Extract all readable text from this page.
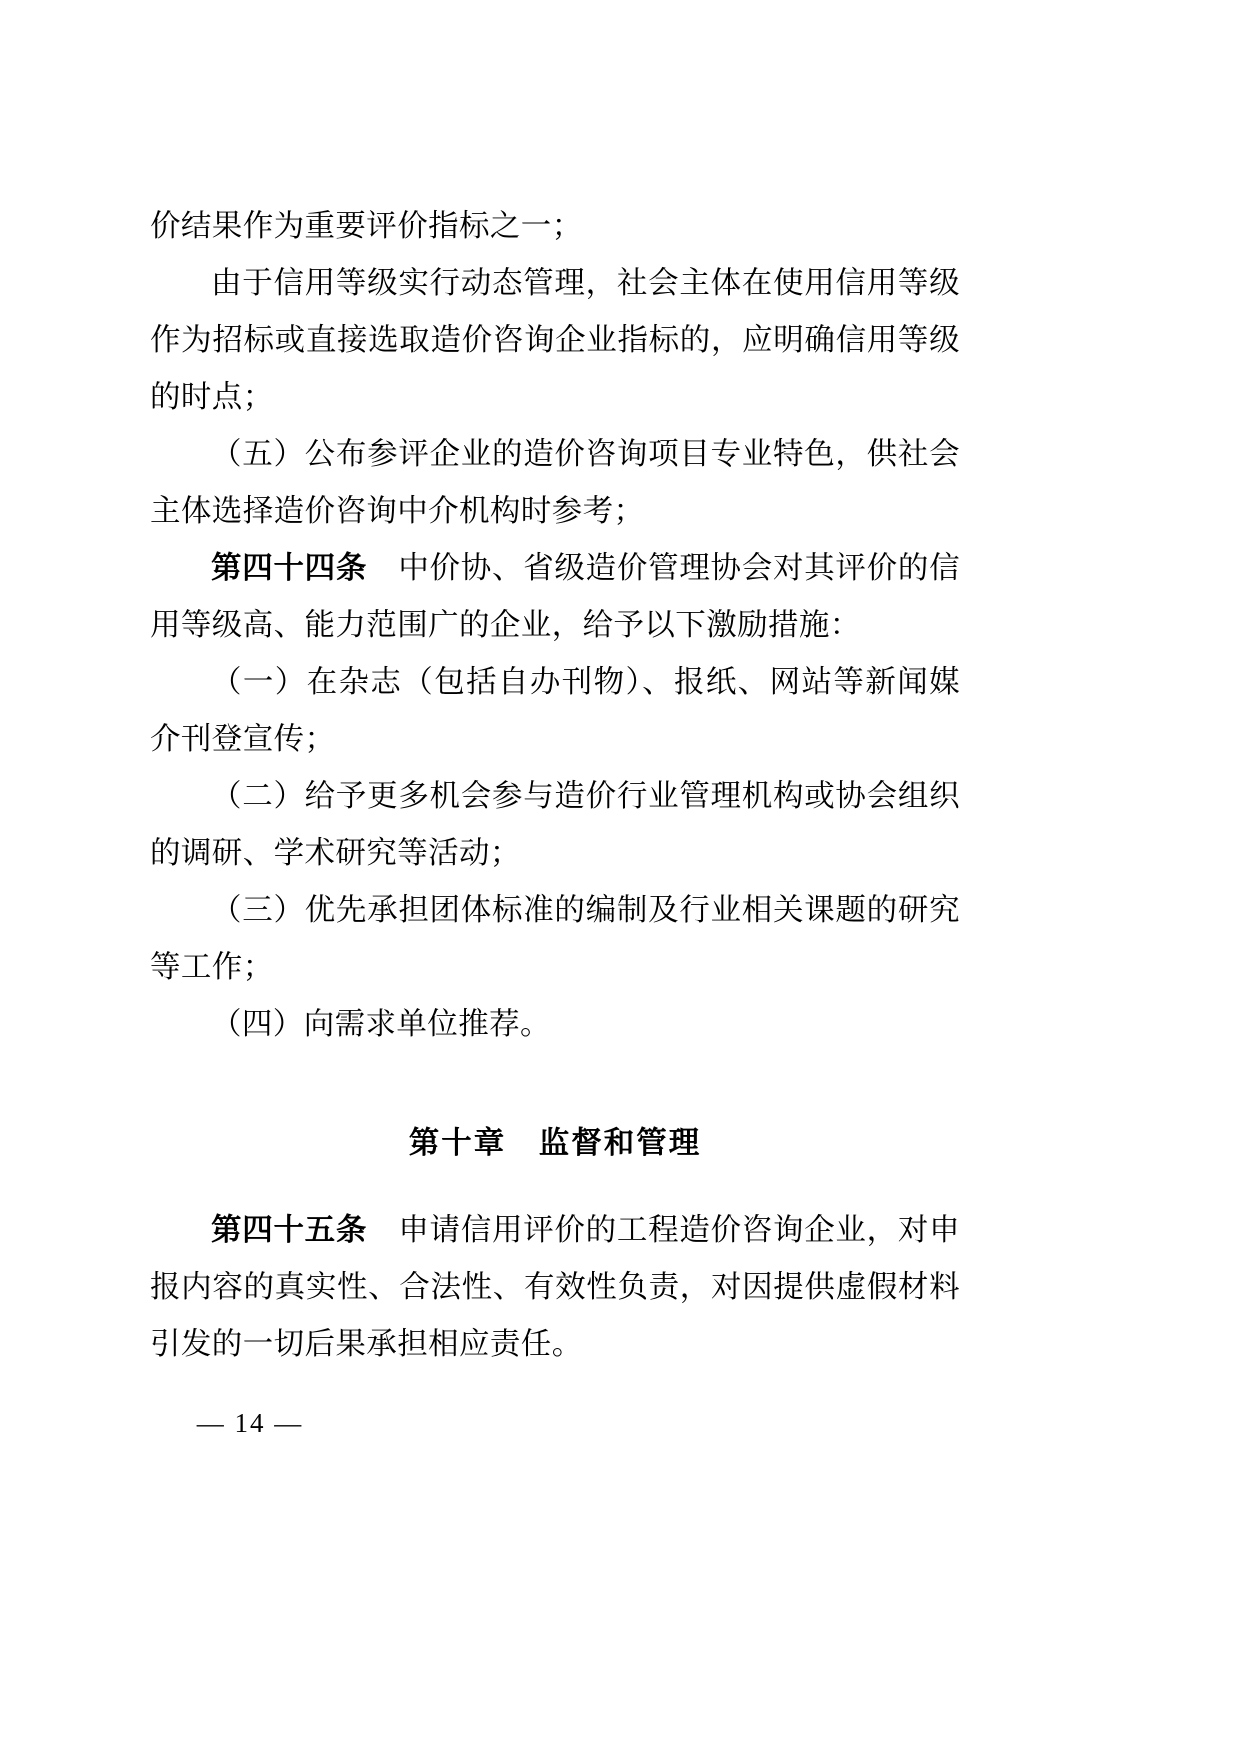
价结果作为重要评价指标之一；

由于信用等级实行动态管理，社会主体在使用信用等级作为招标或直接选取造价咨询企业指标的，应明确信用等级的时点；

（五）公布参评企业的造价咨询项目专业特色，供社会主体选择造价咨询中介机构时参考；

第四十四条　中价协、省级造价管理协会对其评价的信用等级高、能力范围广的企业，给予以下激励措施：

（一）在杂志（包括自办刊物）、报纸、网站等新闻媒介刊登宣传；

（二）给予更多机会参与造价行业管理机构或协会组织的调研、学术研究等活动；

（三）优先承担团体标准的编制及行业相关课题的研究等工作；

（四）向需求单位推荐。

第十章　监督和管理

第四十五条　申请信用评价的工程造价咨询企业，对申报内容的真实性、合法性、有效性负责，对因提供虚假材料引发的一切后果承担相应责任。

— 14 —
